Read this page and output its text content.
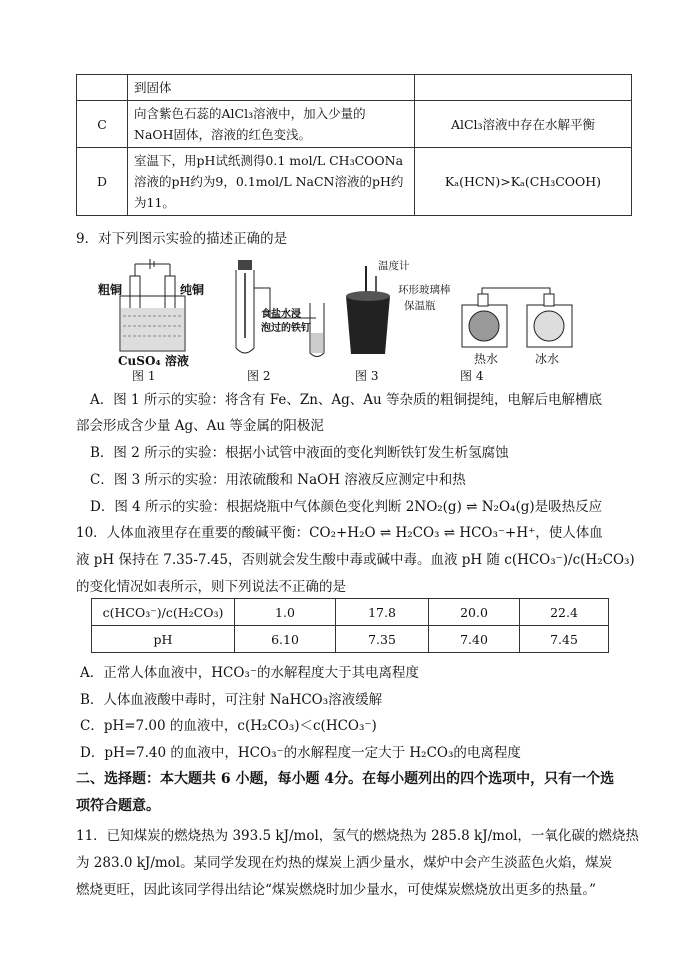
	到固体	
C	向含紫色石蕊的AlCl₃溶液中，加入少量的
NaOH固体，溶液的红色变浅。	AlCl₃溶液中存在水解平衡
D	室温下，用pH试纸测得0.1 mol/L CH₃COONa
溶液的pH约为9，0.1mol/L NaCN溶液的pH约
为11。	Kₐ(HCN)>Kₐ(CH₃COOH)
9．对下列图示实验的描述正确的是
粗铜	纯铜
CuSO₄ 溶液
图 1
食盐水浸
泡过的铁钉
图 2
温度计
环形玻璃棒
保温瓶
图 3
热水	冰水
图 4
A．图 1 所示的实验：将含有 Fe、Zn、Ag、Au 等杂质的粗铜提纯，电解后电解槽底
部会形成含少量 Ag、Au 等金属的阳极泥
B．图 2 所示的实验：根据小试管中液面的变化判断铁钉发生析氢腐蚀
C．图 3 所示的实验：用浓硫酸和 NaOH 溶液反应测定中和热
D．图 4 所示的实验：根据烧瓶中气体颜色变化判断 2NO₂(g) ⇌ N₂O₄(g)是吸热反应
10．人体血液里存在重要的酸碱平衡：CO₂+H₂O ⇌ H₂CO₃ ⇌ HCO₃⁻+H⁺，使人体血
液 pH 保持在 7.35-7.45，否则就会发生酸中毒或碱中毒。血液 pH 随 c(HCO₃⁻)/c(H₂CO₃)
的变化情况如表所示，则下列说法不正确的是
c(HCO₃⁻)/c(H₂CO₃)	1.0	17.8	20.0	22.4
pH	6.10	7.35	7.40	7.45
A．正常人体血液中，HCO₃⁻的水解程度大于其电离程度
B．人体血液酸中毒时，可注射 NaHCO₃溶液缓解
C．pH=7.00 的血液中，c(H₂CO₃)＜c(HCO₃⁻)
D．pH=7.40 的血液中，HCO₃⁻的水解程度一定大于 H₂CO₃的电离程度
二、选择题：本大题共 6 小题，每小题 4分。在每小题列出的四个选项中，只有一个选
项符合题意。
11．已知煤炭的燃烧热为 393.5 kJ/mol，氢气的燃烧热为 285.8 kJ/mol，一氧化碳的燃烧热
为 283.0 kJ/mol。某同学发现在灼热的煤炭上洒少量水，煤炉中会产生淡蓝色火焰，煤炭
燃烧更旺，因此该同学得出结论“煤炭燃烧时加少量水，可使煤炭燃烧放出更多的热量。”
